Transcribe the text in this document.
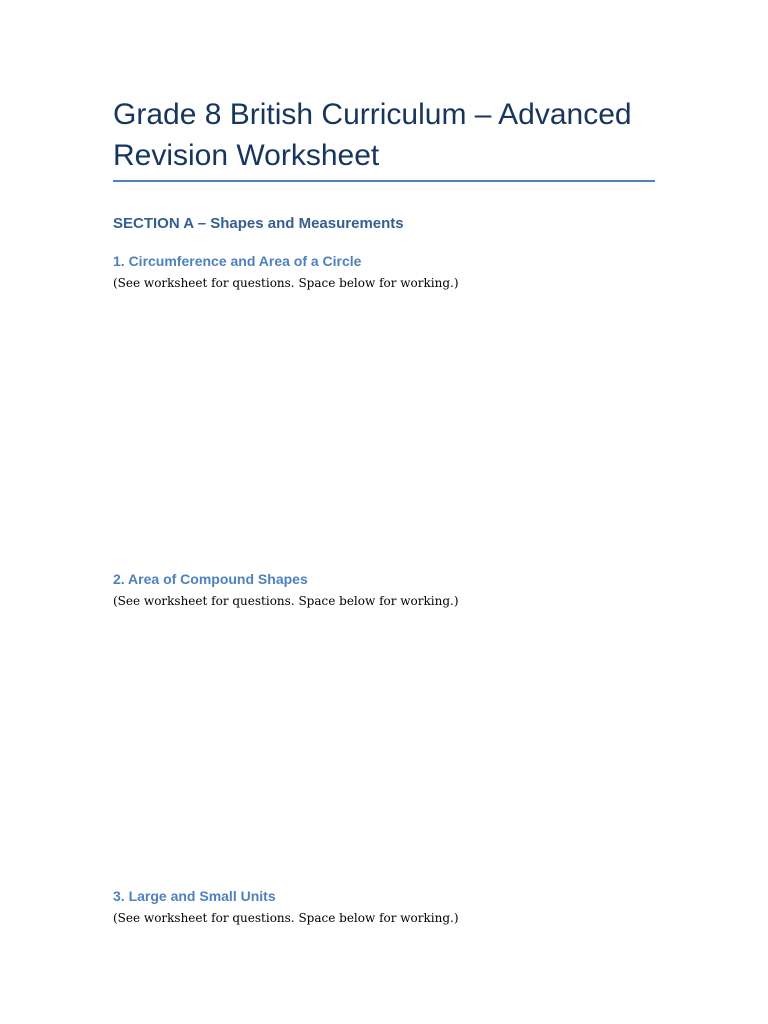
Grade 8 British Curriculum – Advanced Revision Worksheet
SECTION A – Shapes and Measurements
1. Circumference and Area of a Circle

(See worksheet for questions. Space below for working.)

2. Area of Compound Shapes

(See worksheet for questions. Space below for working.)

3. Large and Small Units

(See worksheet for questions. Space below for working.)
